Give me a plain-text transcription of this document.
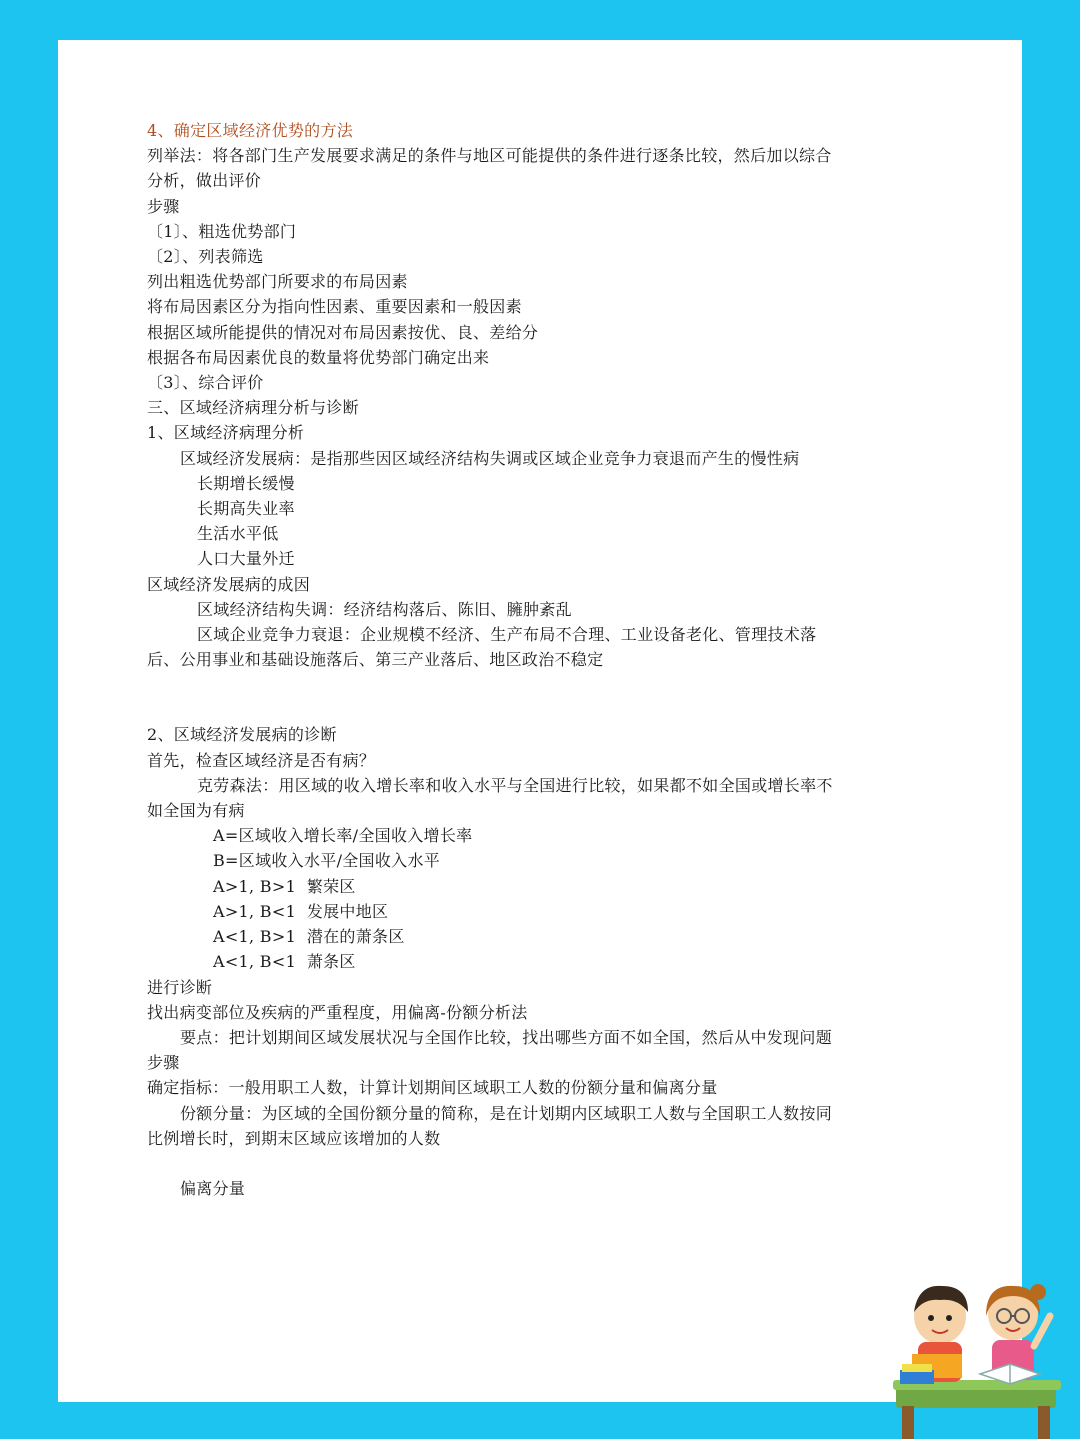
4、确定区域经济优势的方法

列举法：将各部门生产发展要求满足的条件与地区可能提供的条件进行逐条比较，然后加以综合分析，做出评价

步骤

〔1〕、粗选优势部门

〔2〕、列表筛选

列出粗选优势部门所要求的布局因素

将布局因素区分为指向性因素、重要因素和一般因素

根据区域所能提供的情况对布局因素按优、良、差给分

根据各布局因素优良的数量将优势部门确定出来

〔3〕、综合评价

三、区域经济病理分析与诊断

1、区域经济病理分析

区域经济发展病：是指那些因区域经济结构失调或区域企业竞争力衰退而产生的慢性病

长期增长缓慢

长期高失业率

生活水平低

人口大量外迁

区域经济发展病的成因

区域经济结构失调：经济结构落后、陈旧、臃肿紊乱

区域企业竞争力衰退：企业规模不经济、生产布局不合理、工业设备老化、管理技术落后、公用事业和基础设施落后、第三产业落后、地区政治不稳定

2、区域经济发展病的诊断

首先，检查区域经济是否有病？

克劳森法：用区域的收入增长率和收入水平与全国进行比较，如果都不如全国或增长率不如全国为有病

A=区域收入增长率/全国收入增长率

B=区域收入水平/全国收入水平

A>1, B>1  繁荣区

A>1, B<1  发展中地区

A<1, B>1  潜在的萧条区

A<1, B<1  萧条区

进行诊断

找出病变部位及疾病的严重程度，用偏离-份额分析法

要点：把计划期间区域发展状况与全国作比较，找出哪些方面不如全国，然后从中发现问题

步骤

确定指标：一般用职工人数，计算计划期间区域职工人数的份额分量和偏离分量

份额分量：为区域的全国份额分量的简称，是在计划期内区域职工人数与全国职工人数按同比例增长时，到期末区域应该增加的人数

偏离分量
